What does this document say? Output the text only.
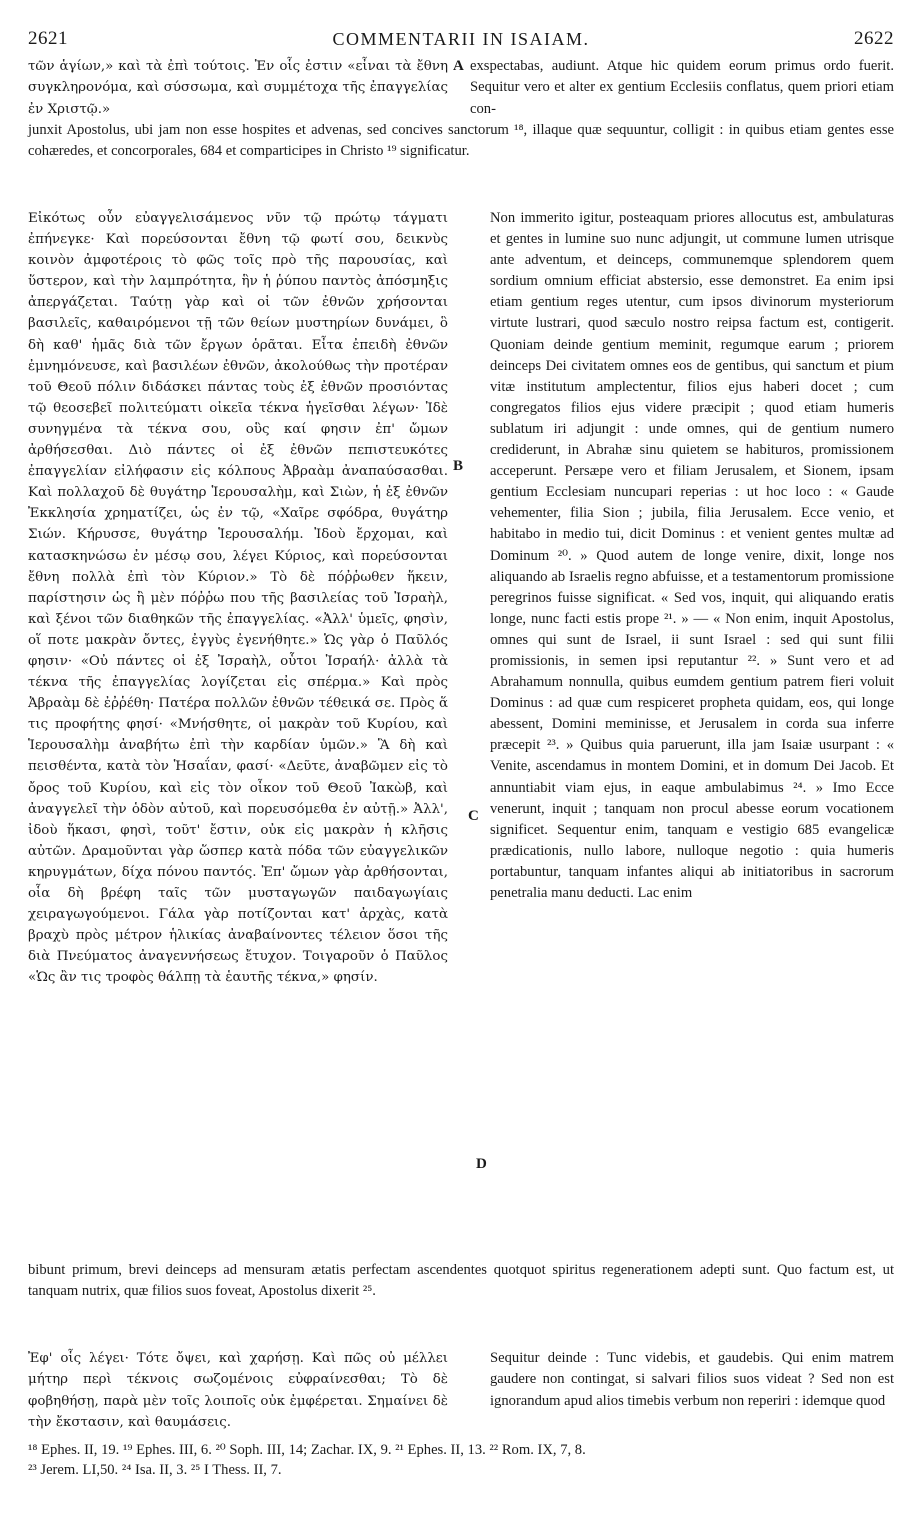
2621	COMMENTARII IN ISAIAM.	2622
τῶν ἁγίων,» καὶ τὰ ἐπὶ τούτοις. Ἐν οἷς ἐστιν «εἶναι τὰ ἔθνη συγκληρονόμα, καὶ σύσσωμα, καὶ συμμέτοχα τῆς ἐπαγγελίας ἐν Χριστῷ.»
A exspectabas, audiunt. Atque hic quidem eorum primus ordo fuerit. Sequitur vero et alter ex gentium Ecclesiis conflatus, quem priori etiam con-
junxit Apostolus, ubi jam non esse hospites et advenas, sed concives sanctorum ¹⁸, illaque quæ sequuntur, colligit : in quibus etiam gentes esse cohæredes, et concorporales, 684 et comparticipes in Christo ¹⁹ significatur.
Εἰκότως οὖν εὐαγγελισάμενος νῦν τῷ πρώτῳ τάγματι ἐπήνεγκε· Καὶ πορεύσονται ἔθνη τῷ φωτί σου, δεικνὺς κοινὸν ἀμφοτέροις τὸ φῶς τοῖς πρὸ τῆς παρουσίας, καὶ ὕστερον, καὶ τὴν λαμπρότητα, ἣν ἡ ῥύπου παντὸς ἀπόσμηξις ἀπεργάζεται. Ταύτῃ γὰρ καὶ οἱ τῶν ἐθνῶν χρήσονται βασιλεῖς, καθαιρόμενοι τῇ τῶν θείων μυστηρίων δυνάμει, ὃ δὴ καθ' ἡμᾶς διὰ τῶν ἔργων ὁρᾶται. Εἶτα ἐπειδὴ ἐθνῶν ἐμνημόνευσε, καὶ βασιλέων ἐθνῶν, ἀκολούθως τὴν προτέραν τοῦ Θεοῦ πόλιν διδάσκει πάντας τοὺς ἐξ ἐθνῶν προσιόντας τῷ θεοσεβεῖ πολιτεύματι οἰκεῖα τέκνα ἡγεῖσθαι λέγων· Ἰδὲ συνηγμένα τὰ τέκνα σου, οὓς καί φησιν ἐπ' ὤμων ἀρθήσεσθαι. Διὸ πάντες οἱ ἐξ ἐθνῶν πεπιστευκότες ἐπαγγελίαν εἰλήφασιν εἰς κόλπους Ἀβραὰμ ἀναπαύσασθαι. Καὶ πολλαχοῦ δὲ θυγάτηρ Ἱερουσαλὴμ, καὶ Σιὼν, ἡ ἐξ ἐθνῶν Ἐκκλησία χρηματίζει, ὡς ἐν τῷ, «Χαῖρε σφόδρα, θυγάτηρ Σιών. Κήρυσσε, θυγάτηρ Ἱερουσαλήμ. Ἰδοὺ ἔρχομαι, καὶ κατασκηνώσω ἐν μέσῳ σου, λέγει Κύριος, καὶ πορεύσονται ἔθνη πολλὰ ἐπὶ τὸν Κύριον.» Τὸ δὲ πόῤῥωθεν ἥκειν, παρίστησιν ὡς ἢ μὲν πόῤῥω που τῆς βασιλείας τοῦ Ἰσραὴλ, καὶ ξένοι τῶν διαθηκῶν τῆς ἐπαγγελίας. «Ἀλλ' ὑμεῖς, φησὶν, οἵ ποτε μακρὰν ὄντες, ἐγγὺς ἐγενήθητε.» Ὡς γὰρ ὁ Παῦλός φησιν· «Οὐ πάντες οἱ ἐξ Ἰσραὴλ, οὗτοι Ἰσραήλ· ἀλλὰ τὰ τέκνα τῆς ἐπαγγελίας λογίζεται εἰς σπέρμα.» Καὶ πρὸς Ἀβραὰμ δὲ ἐῤῥέθη· Πατέρα πολλῶν ἐθνῶν τέθεικά σε. Πρὸς ἅ τις προφήτης φησί· «Μνήσθητε, οἱ μακρὰν τοῦ Κυρίου, καὶ Ἱερουσαλὴμ ἀναβήτω ἐπὶ τὴν καρδίαν ὑμῶν.» Ἃ δὴ καὶ πεισθέντα, κατὰ τὸν Ἡσαΐαν, φασί· «Δεῦτε, ἀναβῶμεν εἰς τὸ ὄρος τοῦ Κυρίου, καὶ εἰς τὸν οἶκον τοῦ Θεοῦ Ἰακὼβ, καὶ ἀναγγελεῖ τὴν ὁδὸν αὐτοῦ, καὶ πορευσόμεθα ἐν αὐτῇ.» Ἀλλ', ἰδοὺ ἥκασι, φησὶ, τοῦτ' ἔστιν, οὐκ εἰς μακρὰν ἡ κλῆσις αὐτῶν. Δραμοῦνται γὰρ ὥσπερ κατὰ πόδα τῶν εὐαγγελικῶν κηρυγμάτων, δίχα πόνου παντός. Ἐπ' ὤμων γὰρ ἀρθήσονται, οἷα δὴ βρέφη ταῖς τῶν μυσταγωγῶν παιδαγωγίαις χειραγωγούμενοι. Γάλα γὰρ ποτίζονται κατ' ἀρχὰς, κατὰ βραχὺ πρὸς μέτρον ἡλικίας ἀναβαίνοντες τέλειον ὅσοι τῆς διὰ Πνεύματος ἀναγεννήσεως ἔτυχον. Τοιγαροῦν ὁ Παῦλος «Ὡς ἂν τις τροφὸς θάλπῃ τὰ ἑαυτῆς τέκνα,» φησίν.
B
C
D
Non immerito igitur, posteaquam priores allocutus est, ambulaturas et gentes in lumine suo nunc adjungit, ut commune lumen utrisque ante adventum, et deinceps, communemque splendorem quem sordium omnium efficiat abstersio, esse demonstret. Ea enim ipsi etiam gentium reges utentur, cum ipsos divinorum mysteriorum virtute lustrari, quod sæculo nostro reipsa factum est, contigerit. Quoniam deinde gentium meminit, regumque earum ; priorem deinceps Dei civitatem omnes eos de gentibus, qui sanctum et pium vitæ institutum amplectentur, filios ejus haberi docet ; cum congregatos filios ejus videre præcipit ; quod etiam humeris sublatum iri adjungit : unde omnes, qui de gentium numero crediderunt, in Abrahæ sinu quietem se habituros, promissionem acceperunt. Persæpe vero et filiam Jerusalem, et Sionem, ipsam gentium Ecclesiam nuncupari reperias : ut hoc loco : « Gaude vehementer, filia Sion ; jubila, filia Jerusalem. Ecce venio, et habitabo in medio tui, dicit Dominus : et venient gentes multæ ad Dominum ²⁰. » Quod autem de longe venire, dixit, longe nos aliquando ab Israelis regno abfuisse, et a testamentorum promissione peregrinos fuisse significat. « Sed vos, inquit, qui aliquando eratis longe, nunc facti estis prope ²¹. » — « Non enim, inquit Apostolus, omnes qui sunt de Israel, ii sunt Israel : sed qui sunt filii promissionis, in semen ipsi reputantur ²². » Sunt vero et ad Abrahamum nonnulla, quibus eumdem gentium patrem fieri voluit Dominus : ad quæ cum respiceret propheta quidam, eos, qui longe abessent, Domini meminisse, et Jerusalem in corda sua inferre præcepit ²³. » Quibus quia paruerunt, illa jam Isaiæ usurpant : « Venite, ascendamus in montem Domini, et in domum Dei Jacob. Et annuntiabit viam ejus, in eaque ambulabimus ²⁴. » Imo Ecce venerunt, inquit ; tanquam non procul abesse eorum vocationem significet. Sequentur enim, tanquam e vestigio 685 evangelicæ prædicationis, nullo labore, nulloque negotio : quia humeris portabuntur, tanquam infantes aliqui ab initiatoribus in sacrorum penetralia manu deducti. Lac enim
bibunt primum, brevi deinceps ad mensuram ætatis perfectam ascendentes quotquot spiritus regenerationem adepti sunt. Quo factum est, ut tanquam nutrix, quæ filios suos foveat, Apostolus dixerit ²⁵.
Ἐφ' οἷς λέγει· Τότε ὄψει, καὶ χαρήσῃ. Καὶ πῶς οὐ μέλλει μήτηρ περὶ τέκνοις σωζομένοις εὐφραίνεσθαι; Τὸ δὲ φοβηθήσῃ, παρὰ μὲν τοῖς λοιποῖς οὐκ ἐμφέρεται. Σημαίνει δὲ τὴν ἔκστασιν, καὶ θαυμάσεις.
Sequitur deinde : Tunc videbis, et gaudebis. Qui enim matrem gaudere non contingat, si salvari filios suos videat ? Sed non est ignorandum apud alios timebis verbum non reperiri : idemque quod
¹⁸ Ephes. II, 19. ¹⁹ Ephes. III, 6. ²⁰ Soph. III, 14; Zachar. IX, 9. ²¹ Ephes. II, 13. ²² Rom. IX, 7, 8.
²³ Jerem. LI,50. ²⁴ Isa. II, 3. ²⁵ I Thess. II, 7.
